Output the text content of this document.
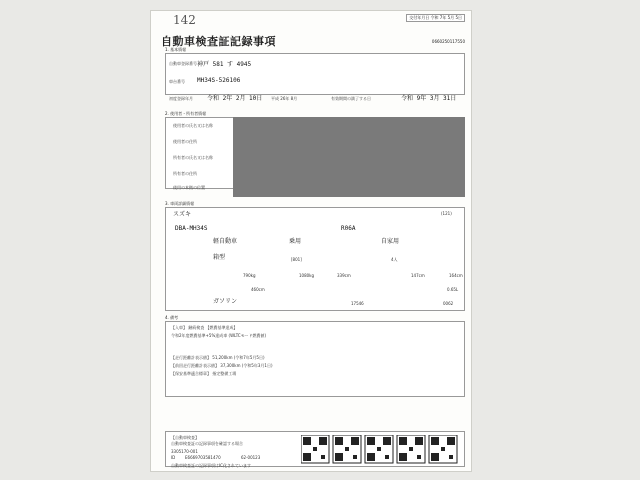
142	交付年月日 令和 7年 5月 5日
自動車検査証記録事項	0660250117550
1. 基本情報
自動車登録番号 神戸 581 す 4945
車台番号 MH34S-526106
初度登録年月 令和 2年 2月 10日 平成 26年 8月	有効期間の満了する日	令和 9年 3月 31日
2. 使用者・所有者情報
使用者の氏名又は名称
使用者の住所
所有者の氏名又は名称
所有者の住所
使用の本拠の位置
3. 車両詳細情報
スズキ	(121)
DBA-MH34S	R06A
軽自動車	乗用	自家用
箱型	[801]	4人
790kg	1080kg	339cm	147cm	164cm
460cm	0.65L
ガソリン	17546	0062
4. 備考
【入車】 継続検査 【燃費基準達成】
令和2年度燃費基準+5%達成車 (WLTCモード燃費値)
【走行距離計表示値】 51,200km (令和7年5月5日)
【前回走行距離計表示値】 37,300km (令和5年3月1日)
【保安基準適合標章】 指定整備工場
【自動車検査】
自動車検査証の記録事項を確認する場合
3305170-001
ID E6669703581470	62-00123
自動車検査証の記録事項はIC化されています
